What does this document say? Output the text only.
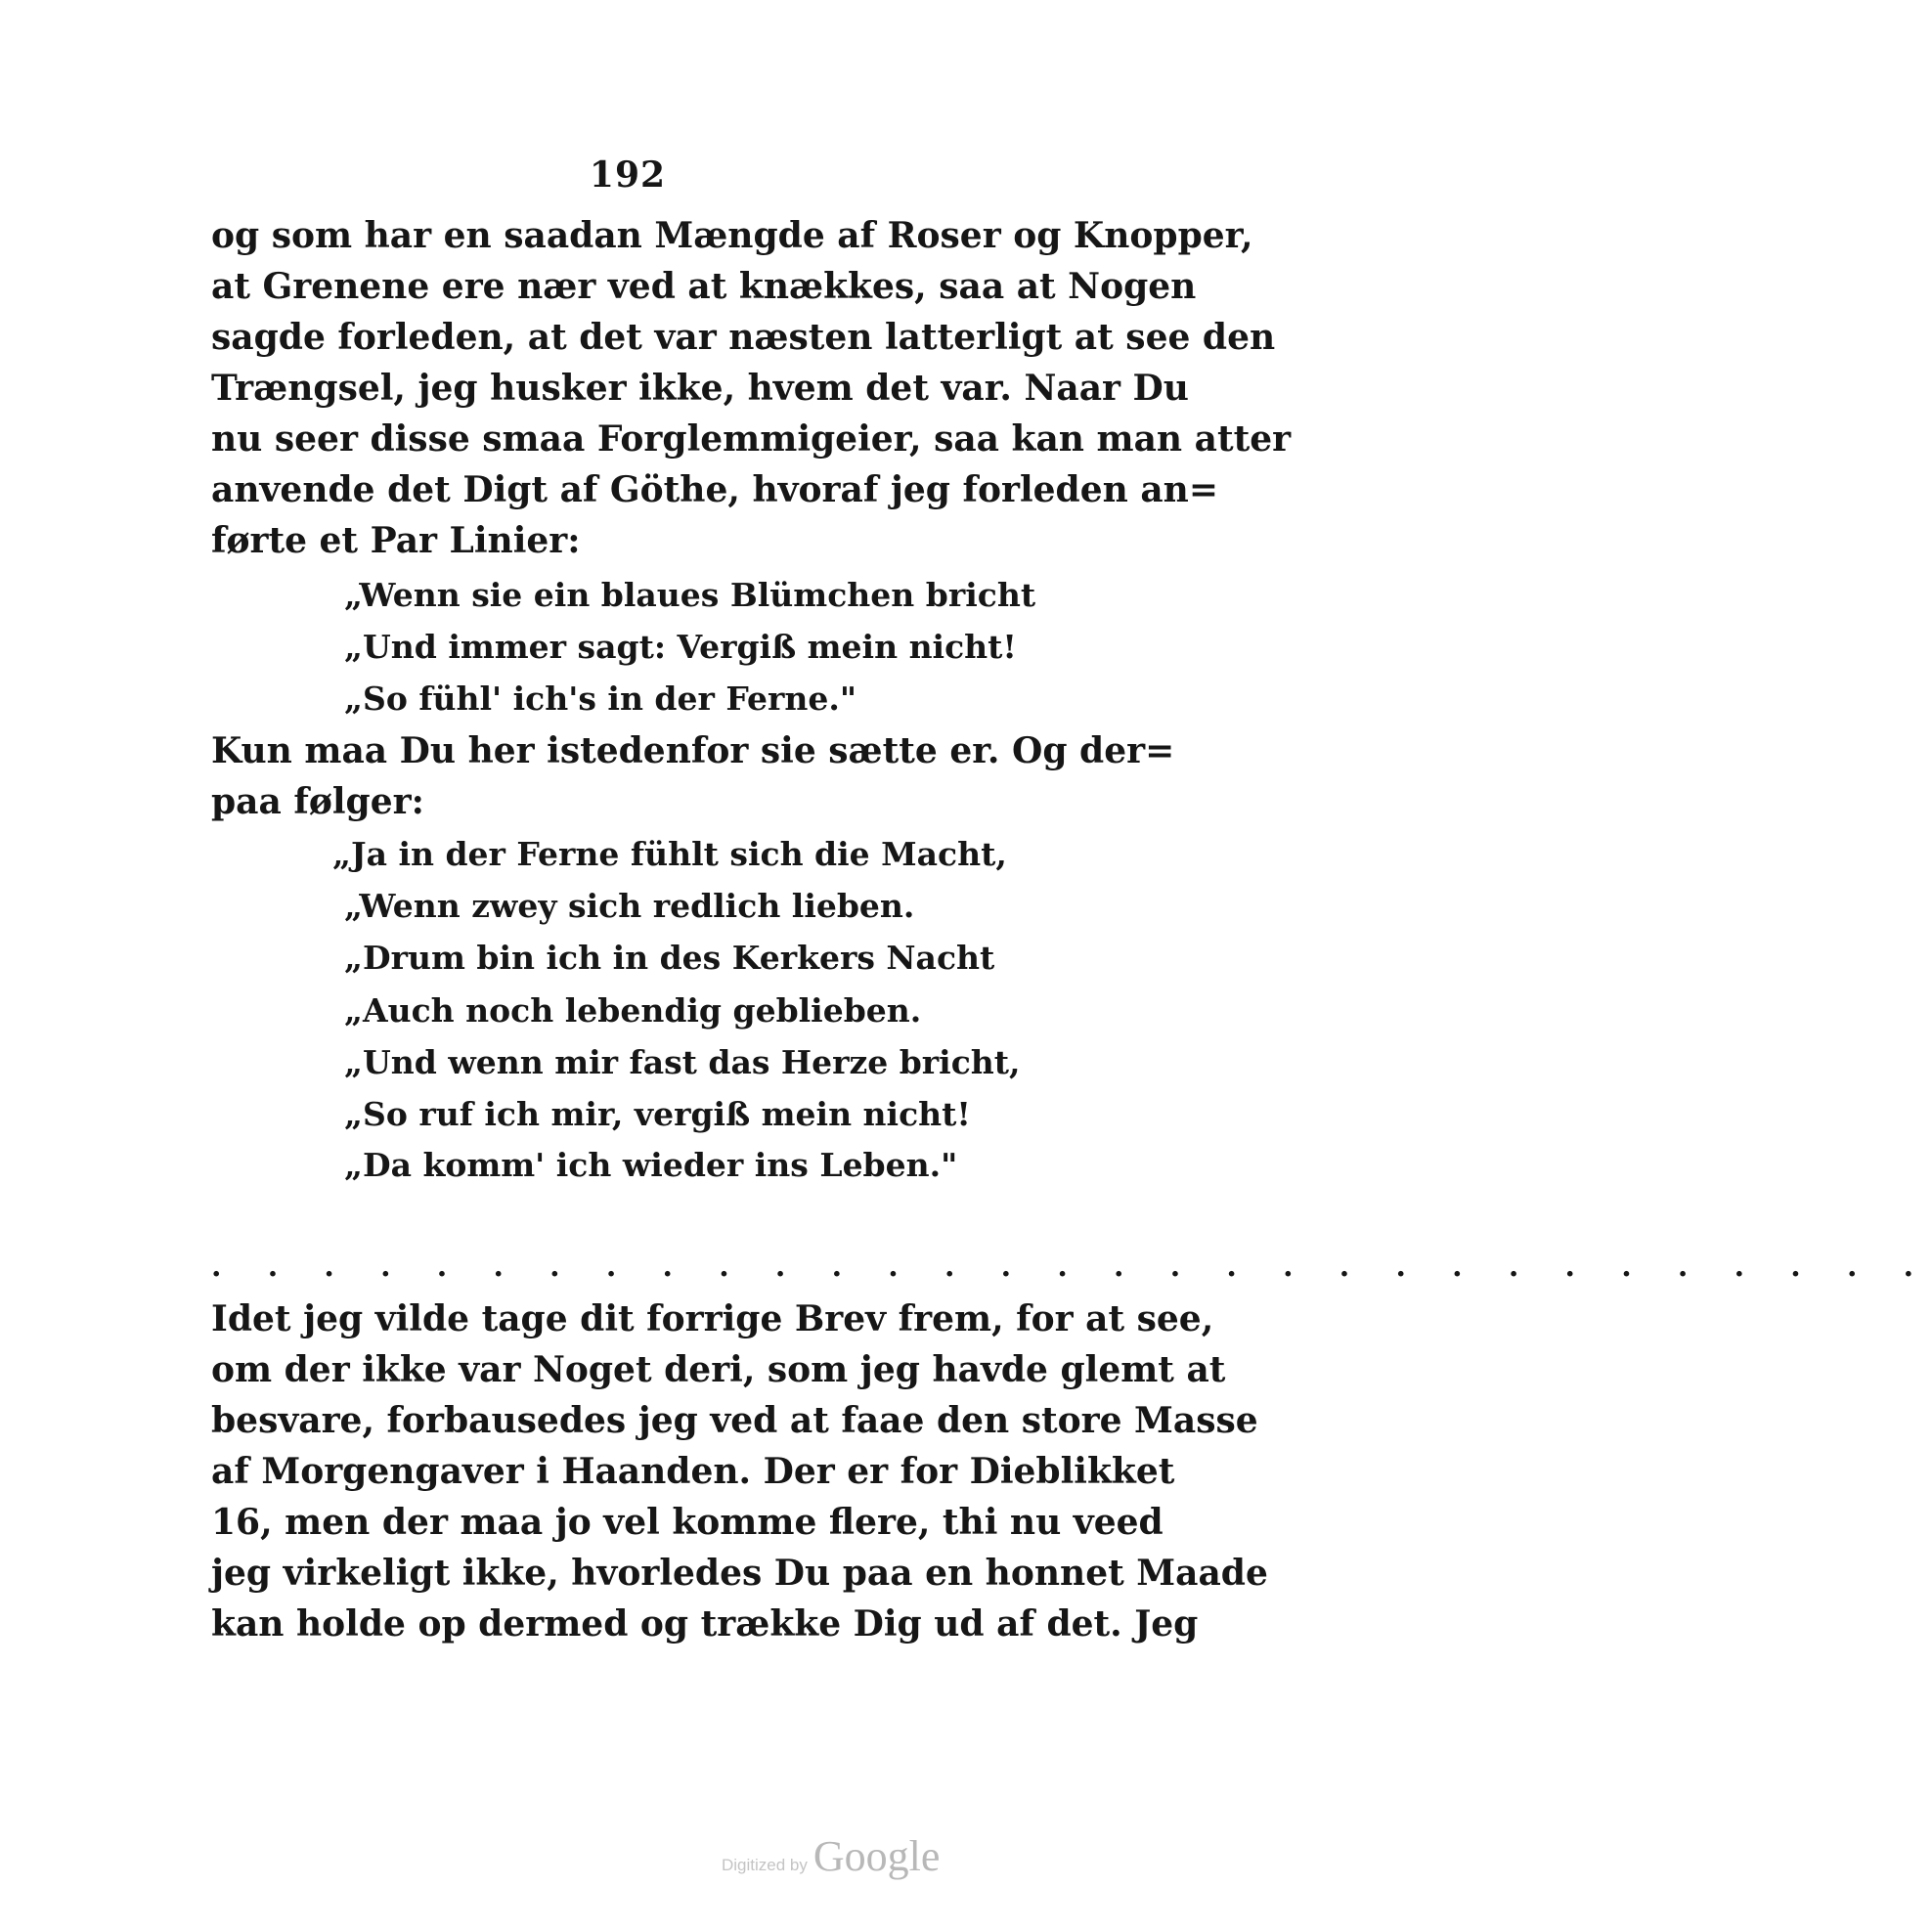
192
og som har en saadan Mængde af Roser og Knopper,
at Grenene ere nær ved at knækkes, saa at Nogen
sagde forleden, at det var næsten latterligt at see den
Trængsel, jeg husker ikke, hvem det var. Naar Du
nu seer disse smaa Forglemmigeier, saa kan man atter
anvende det Digt af Göthe, hvoraf jeg forleden an=
førte et Par Linier:
„Wenn sie ein blaues Blümchen bricht
„Und immer sagt: Vergiß mein nicht!
„So fühl' ich's in der Ferne."
Kun maa Du her istedenfor sie sætte er. Og der=
paa følger:
„Ja in der Ferne fühlt sich die Macht,
„Wenn zwey sich redlich lieben.
„Drum bin ich in des Kerkers Nacht
„Auch noch lebendig geblieben.
„Und wenn mir fast das Herze bricht,
„So ruf ich mir, vergiß mein nicht!
„Da komm' ich wieder ins Leben."
. . . . . . . . . . . . . . . . . . . . . . . . . . . . . . .
Idet jeg vilde tage dit forrige Brev frem, for at see,
om der ikke var Noget deri, som jeg havde glemt at
besvare, forbausedes jeg ved at faae den store Masse
af Morgengaver i Haanden. Der er for Dieblikket
16, men der maa jo vel komme flere, thi nu veed
jeg virkeligt ikke, hvorledes Du paa en honnet Maade
kan holde op dermed og trække Dig ud af det. Jeg
Digitized by Google
